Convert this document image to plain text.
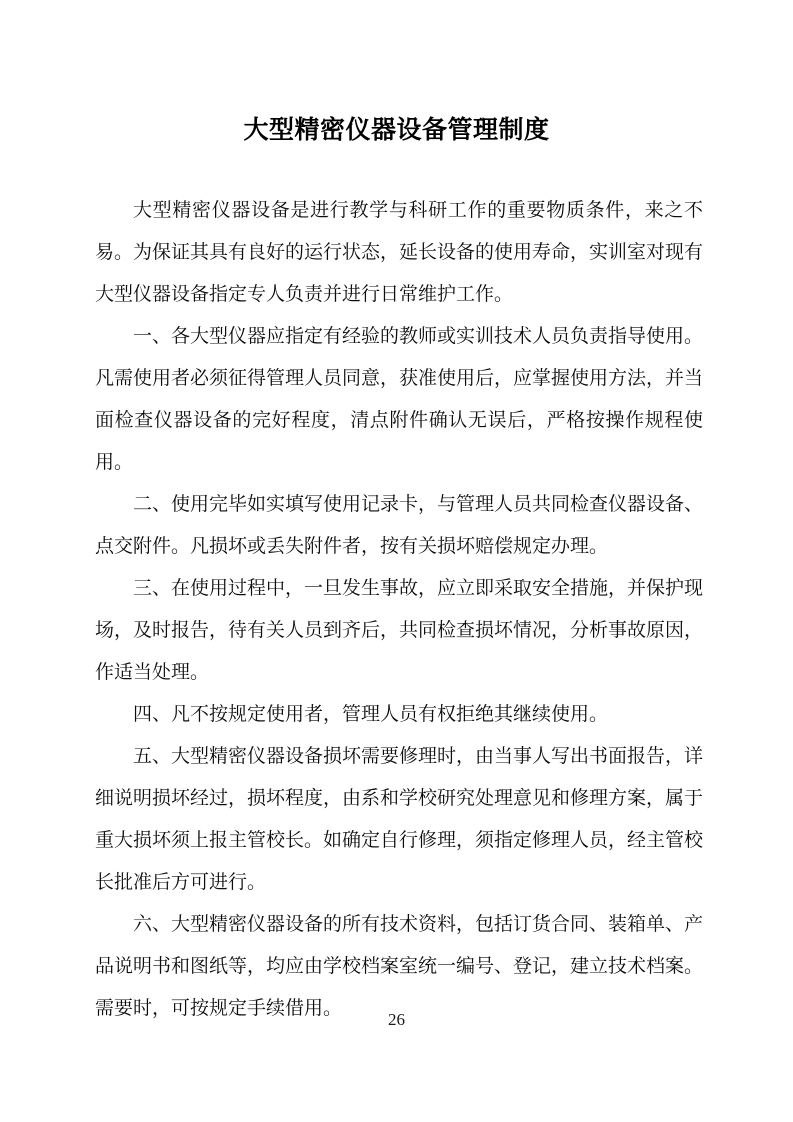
大型精密仪器设备管理制度

大型精密仪器设备是进行教学与科研工作的重要物质条件，来之不易。为保证其具有良好的运行状态，延长设备的使用寿命，实训室对现有大型仪器设备指定专人负责并进行日常维护工作。

一、各大型仪器应指定有经验的教师或实训技术人员负责指导使用。凡需使用者必须征得管理人员同意，获准使用后，应掌握使用方法，并当面检查仪器设备的完好程度，清点附件确认无误后，严格按操作规程使用。

二、使用完毕如实填写使用记录卡，与管理人员共同检查仪器设备、点交附件。凡损坏或丢失附件者，按有关损坏赔偿规定办理。

三、在使用过程中，一旦发生事故，应立即采取安全措施，并保护现场，及时报告，待有关人员到齐后，共同检查损坏情况，分析事故原因，作适当处理。

四、凡不按规定使用者，管理人员有权拒绝其继续使用。

五、大型精密仪器设备损坏需要修理时，由当事人写出书面报告，详细说明损坏经过，损坏程度，由系和学校研究处理意见和修理方案，属于重大损坏须上报主管校长。如确定自行修理，须指定修理人员，经主管校长批准后方可进行。

六、大型精密仪器设备的所有技术资料，包括订货合同、装箱单、产品说明书和图纸等，均应由学校档案室统一编号、登记，建立技术档案。需要时，可按规定手续借用。

26
